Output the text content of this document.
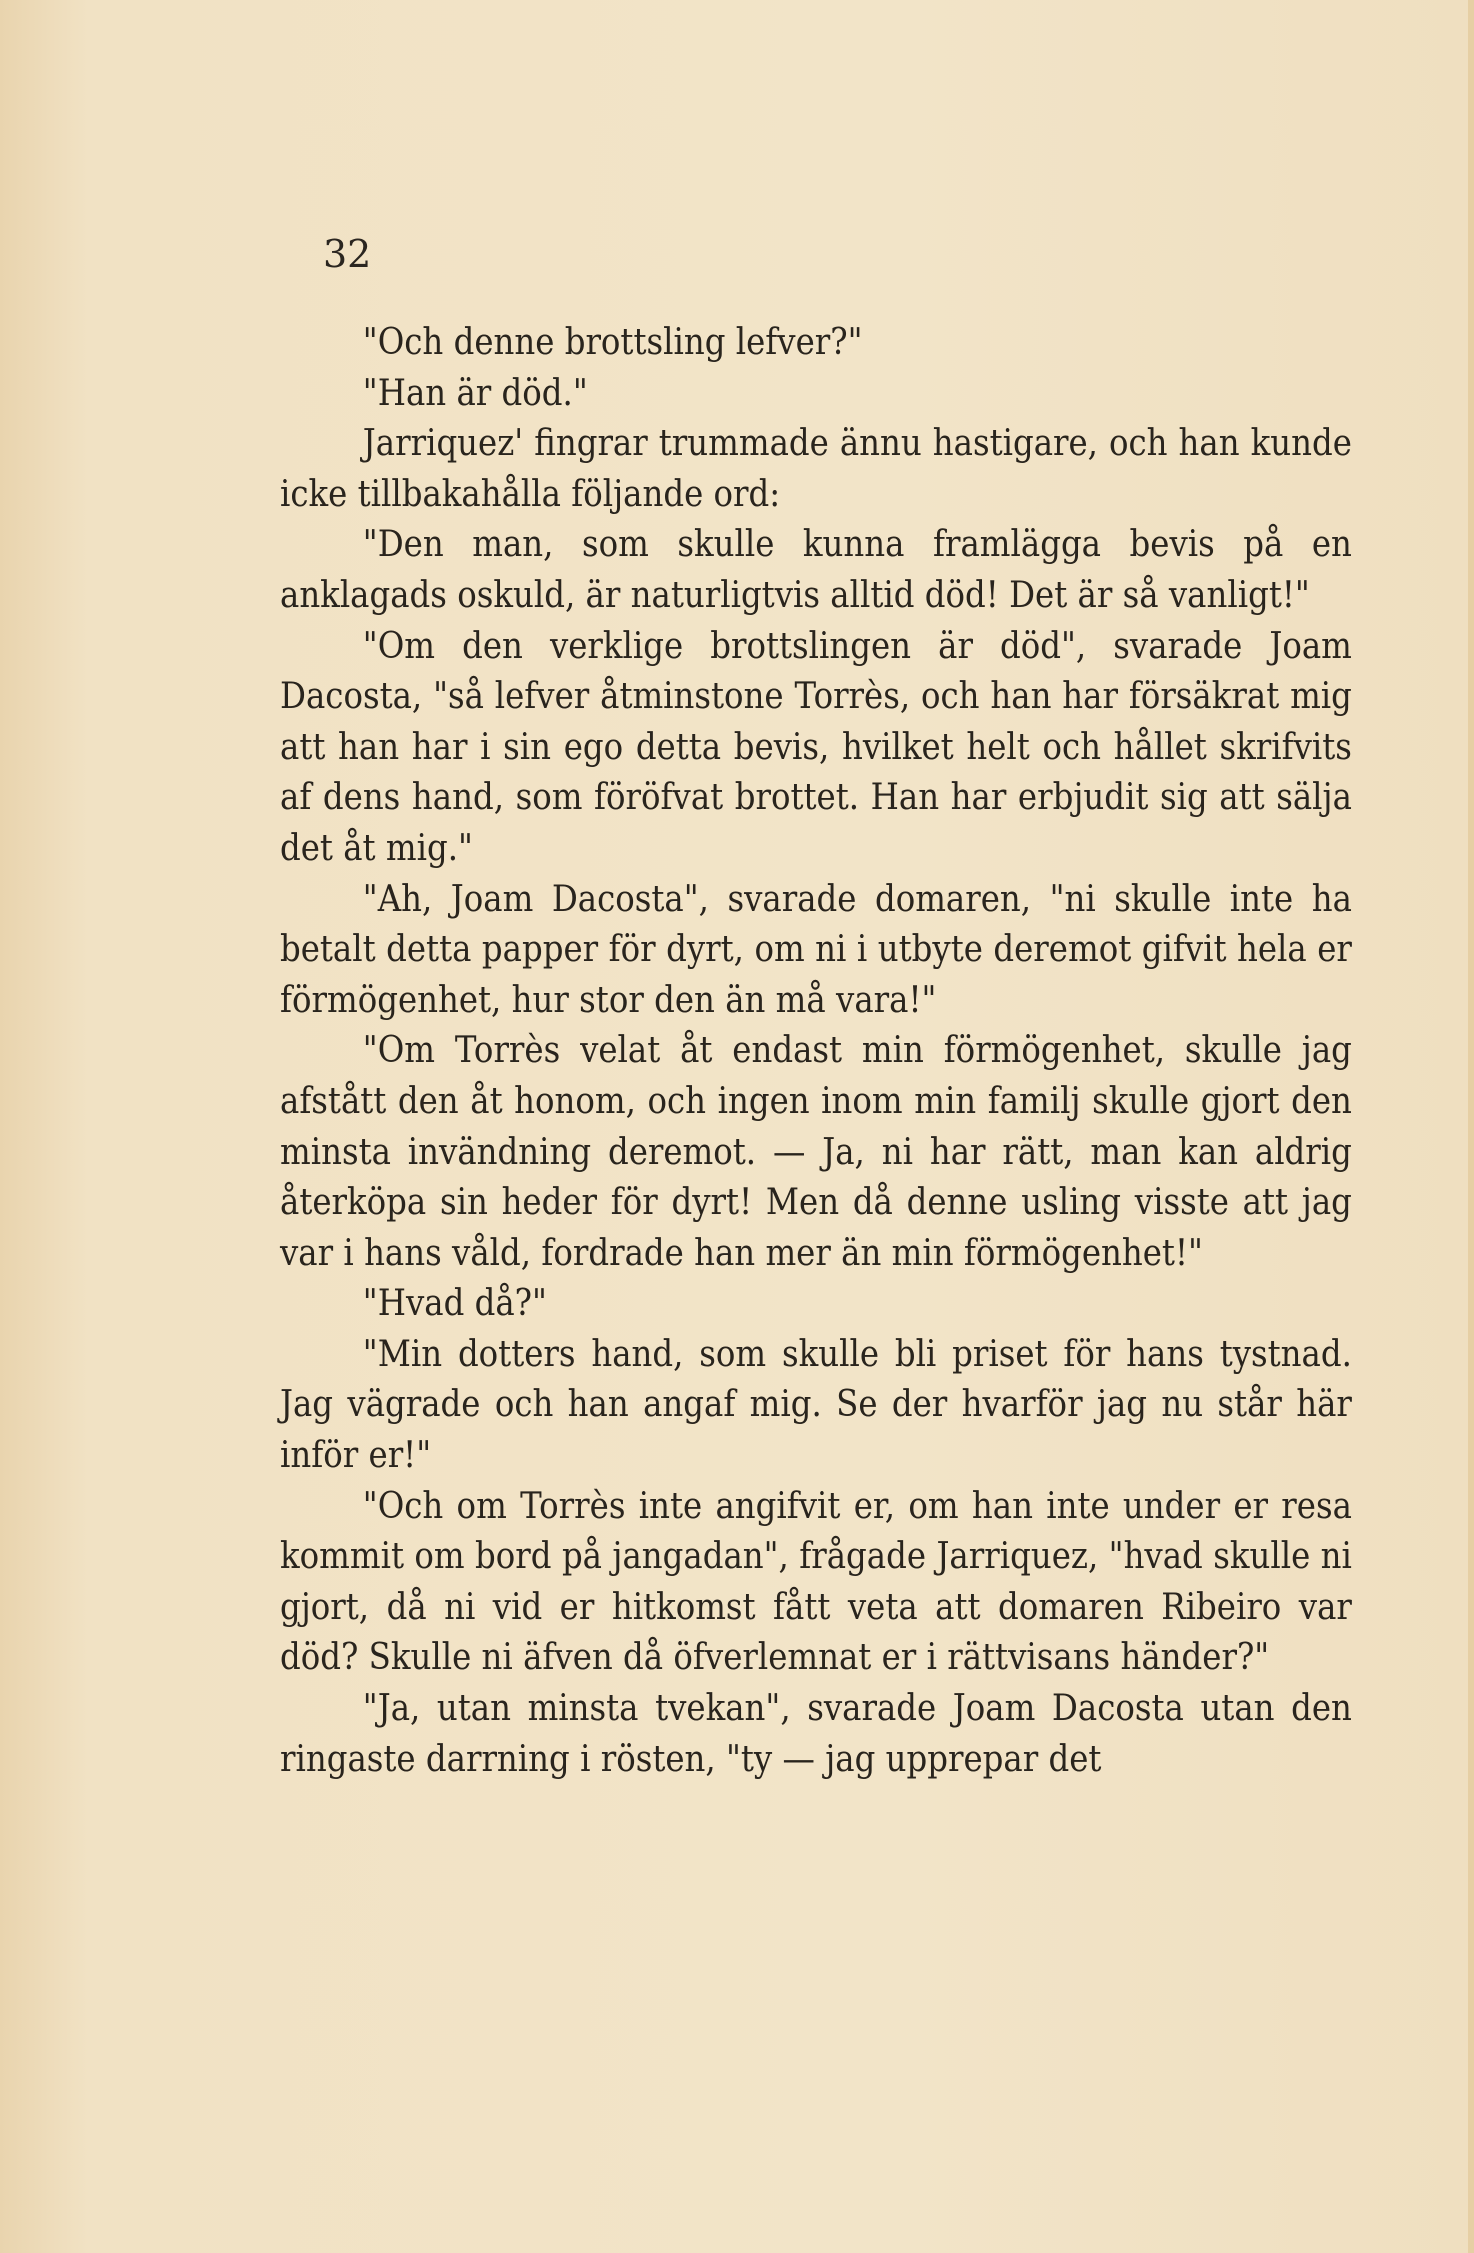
32

"Och denne brottsling lefver?"

"Han är död."

Jarriquez' fingrar trummade ännu hastigare, och han kunde icke tillbakahålla följande ord:

"Den man, som skulle kunna framlägga bevis på en anklagads oskuld, är naturligtvis alltid död! Det är så vanligt!"

"Om den verklige brottslingen är död", svarade Joam Dacosta, "så lefver åtminstone Torrès, och han har försäkrat mig att han har i sin ego detta bevis, hvilket helt och hållet skrifvits af dens hand, som föröfvat brottet. Han har erbjudit sig att sälja det åt mig."

"Ah, Joam Dacosta", svarade domaren, "ni skulle inte ha betalt detta papper för dyrt, om ni i utbyte deremot gifvit hela er förmögenhet, hur stor den än må vara!"

"Om Torrès velat åt endast min förmögenhet, skulle jag afstått den åt honom, och ingen inom min familj skulle gjort den minsta invändning deremot. — Ja, ni har rätt, man kan aldrig återköpa sin heder för dyrt! Men då denne usling visste att jag var i hans våld, fordrade han mer än min förmögenhet!"

"Hvad då?"

"Min dotters hand, som skulle bli priset för hans tystnad. Jag vägrade och han angaf mig. Se der hvarför jag nu står här inför er!"

"Och om Torrès inte angifvit er, om han inte under er resa kommit om bord på jangadan", frågade Jarriquez, "hvad skulle ni gjort, då ni vid er hitkomst fått veta att domaren Ribeiro var död? Skulle ni äfven då öfverlemnat er i rättvisans händer?"

"Ja, utan minsta tvekan", svarade Joam Dacosta utan den ringaste darrning i rösten, "ty — jag upprepar det
